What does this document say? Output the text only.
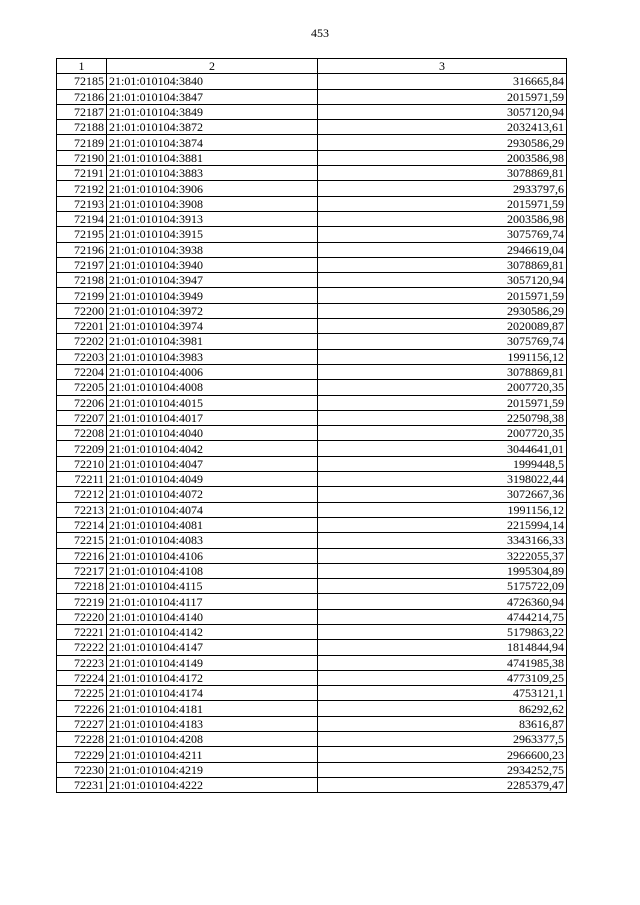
453
1	2	3
72185	21:01:010104:3840	316665,84
72186	21:01:010104:3847	2015971,59
72187	21:01:010104:3849	3057120,94
72188	21:01:010104:3872	2032413,61
72189	21:01:010104:3874	2930586,29
72190	21:01:010104:3881	2003586,98
72191	21:01:010104:3883	3078869,81
72192	21:01:010104:3906	2933797,6
72193	21:01:010104:3908	2015971,59
72194	21:01:010104:3913	2003586,98
72195	21:01:010104:3915	3075769,74
72196	21:01:010104:3938	2946619,04
72197	21:01:010104:3940	3078869,81
72198	21:01:010104:3947	3057120,94
72199	21:01:010104:3949	2015971,59
72200	21:01:010104:3972	2930586,29
72201	21:01:010104:3974	2020089,87
72202	21:01:010104:3981	3075769,74
72203	21:01:010104:3983	1991156,12
72204	21:01:010104:4006	3078869,81
72205	21:01:010104:4008	2007720,35
72206	21:01:010104:4015	2015971,59
72207	21:01:010104:4017	2250798,38
72208	21:01:010104:4040	2007720,35
72209	21:01:010104:4042	3044641,01
72210	21:01:010104:4047	1999448,5
72211	21:01:010104:4049	3198022,44
72212	21:01:010104:4072	3072667,36
72213	21:01:010104:4074	1991156,12
72214	21:01:010104:4081	2215994,14
72215	21:01:010104:4083	3343166,33
72216	21:01:010104:4106	3222055,37
72217	21:01:010104:4108	1995304,89
72218	21:01:010104:4115	5175722,09
72219	21:01:010104:4117	4726360,94
72220	21:01:010104:4140	4744214,75
72221	21:01:010104:4142	5179863,22
72222	21:01:010104:4147	1814844,94
72223	21:01:010104:4149	4741985,38
72224	21:01:010104:4172	4773109,25
72225	21:01:010104:4174	4753121,1
72226	21:01:010104:4181	86292,62
72227	21:01:010104:4183	83616,87
72228	21:01:010104:4208	2963377,5
72229	21:01:010104:4211	2966600,23
72230	21:01:010104:4219	2934252,75
72231	21:01:010104:4222	2285379,47
